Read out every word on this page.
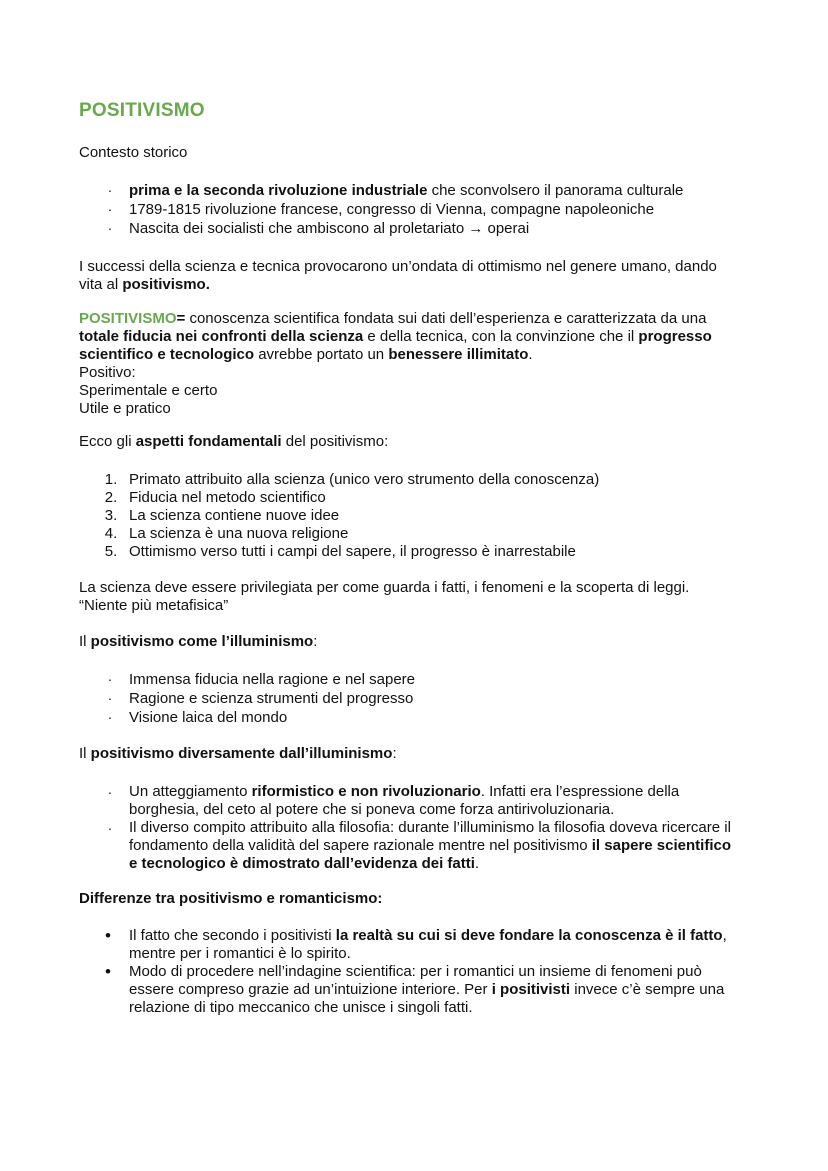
POSITIVISMO
Contesto storico
·	prima e la seconda rivoluzione industriale che sconvolsero il panorama culturale
·	1789-1815 rivoluzione francese, congresso di Vienna, compagne napoleoniche
·	Nascita dei socialisti che ambiscono al proletariato → operai
I successi della scienza e tecnica provocarono un’ondata di ottimismo nel genere umano, dando
vita al positivismo.
POSITIVISMO= conoscenza scientifica fondata sui dati dell’esperienza e caratterizzata da una
totale fiducia nei confronti della scienza e della tecnica, con la convinzione che il progresso
scientifico e tecnologico avrebbe portato un benessere illimitato.
Positivo:
Sperimentale e certo
Utile e pratico
Ecco gli aspetti fondamentali del positivismo:
1. Primato attribuito alla scienza (unico vero strumento della conoscenza)
2. Fiducia nel metodo scientifico
3. La scienza contiene nuove idee
4. La scienza è una nuova religione
5. Ottimismo verso tutti i campi del sapere, il progresso è inarrestabile
La scienza deve essere privilegiata per come guarda i fatti, i fenomeni e la scoperta di leggi.
“Niente più metafisica”
Il positivismo come l’illuminismo:
·	Immensa fiducia nella ragione e nel sapere
·	Ragione e scienza strumenti del progresso
·	Visione laica del mondo
Il positivismo diversamente dall’illuminismo:
·	Un atteggiamento riformistico e non rivoluzionario. Infatti era l’espressione della
borghesia, del ceto al potere che si poneva come forza antirivoluzionaria.
·	Il diverso compito attribuito alla filosofia: durante l’illuminismo la filosofia doveva ricercare il
fondamento della validità del sapere razionale mentre nel positivismo il sapere scientifico
e tecnologico è dimostrato dall’evidenza dei fatti.
Differenze tra positivismo e romanticismo:
• Il fatto che secondo i positivisti la realtà su cui si deve fondare la conoscenza è il fatto,
mentre per i romantici è lo spirito.
• Modo di procedere nell’indagine scientifica: per i romantici un insieme di fenomeni può
essere compreso grazie ad un’intuizione interiore. Per i positivisti invece c’è sempre una
relazione di tipo meccanico che unisce i singoli fatti.
